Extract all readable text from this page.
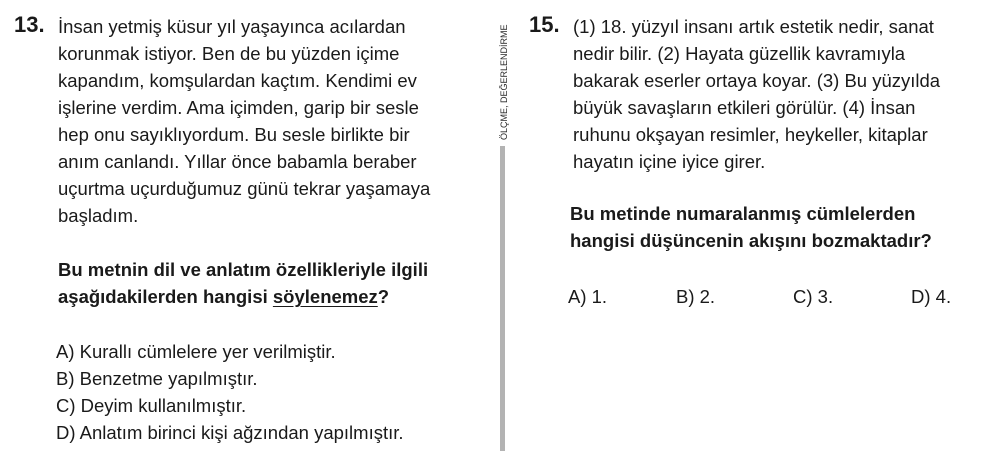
13. İnsan yetmiş küsur yıl yaşayınca acılardan
korunmak istiyor. Ben de bu yüzden içime
kapandım, komşulardan kaçtım. Kendimi ev
işlerine verdim. Ama içimden, garip bir sesle
hep onu sayıklıyordum. Bu sesle birlikte bir
anım canlandı. Yıllar önce babamla beraber
uçurtma uçurduğumuz günü tekrar yaşamaya
başladım.
Bu metnin dil ve anlatım özellikleriyle ilgili
aşağıdakilerden hangisi söylenemez?
A) Kurallı cümlelere yer verilmiştir.
B) Benzetme yapılmıştır.
C) Deyim kullanılmıştır.
D) Anlatım birinci kişi ağzından yapılmıştır.
ÖLÇME, DEĞERLENDİRME 15. (1) 18. yüzyıl insanı artık estetik nedir, sanat
nedir bilir. (2) Hayata güzellik kavramıyla
bakarak eserler ortaya koyar. (3) Bu yüzyılda
büyük savaşların etkileri görülür. (4) İnsan
ruhunu okşayan resimler, heykeller, kitaplar
hayatın içine iyice girer.
Bu metinde numaralanmış cümlelerden
hangisi düşüncenin akışını bozmaktadır?
A) 1.	B) 2.	C) 3.	D) 4.
